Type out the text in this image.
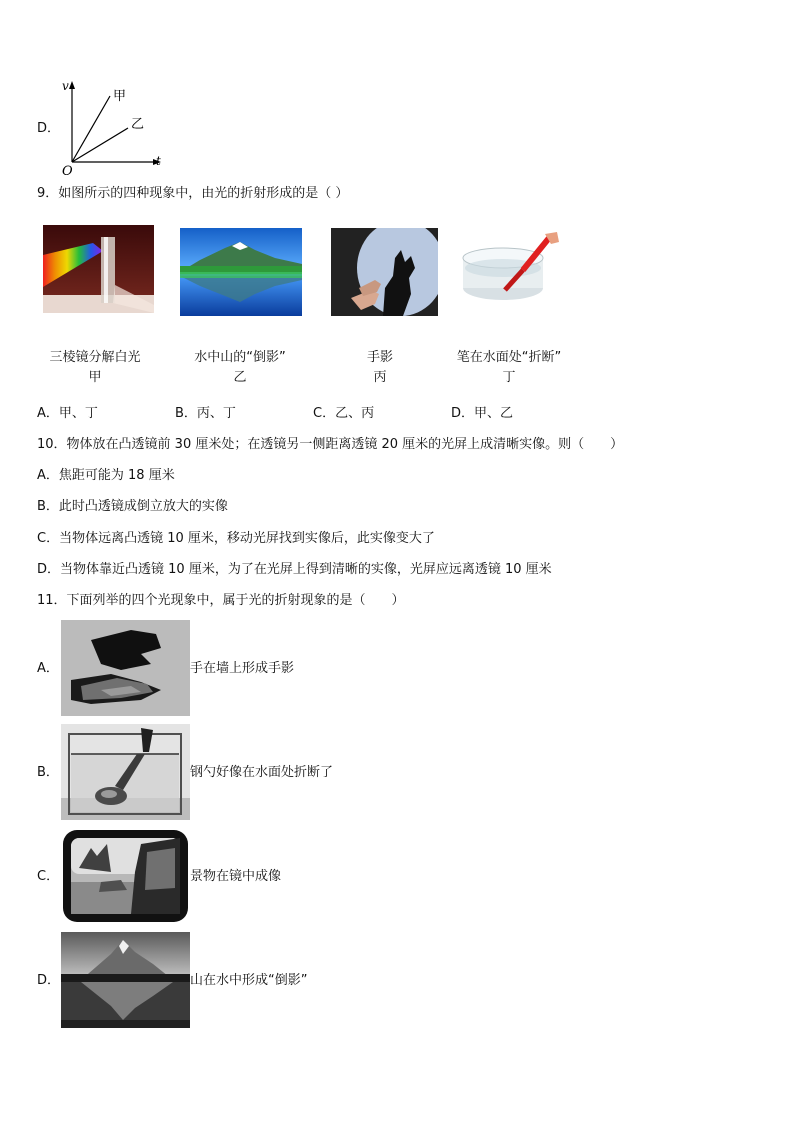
D．
v
t
O
甲
乙
9．如图所示的四种现象中，由光的折射形成的是（ ）
三棱镜分解白光
甲
水中山的“倒影”
乙
手影
丙
笔在水面处“折断”
丁
A．甲、丁	B．丙、丁	C．乙、丙	D．甲、乙
10．物体放在凸透镜前 30 厘米处；在透镜另一侧距离透镜 20 厘米的光屏上成清晰实像。则（　　）
A．焦距可能为 18 厘米
B．此时凸透镜成倒立放大的实像
C．当物体远离凸透镜 10 厘米，移动光屏找到实像后，此实像变大了
D．当物体靠近凸透镜 10 厘米，为了在光屏上得到清晰的实像，光屏应远离透镜 10 厘米
11．下面列举的四个光现象中，属于光的折射现象的是（　　）
A．	手在墙上形成手影
B．	钢勺好像在水面处折断了
C．	景物在镜中成像
D．	山在水中形成“倒影”
